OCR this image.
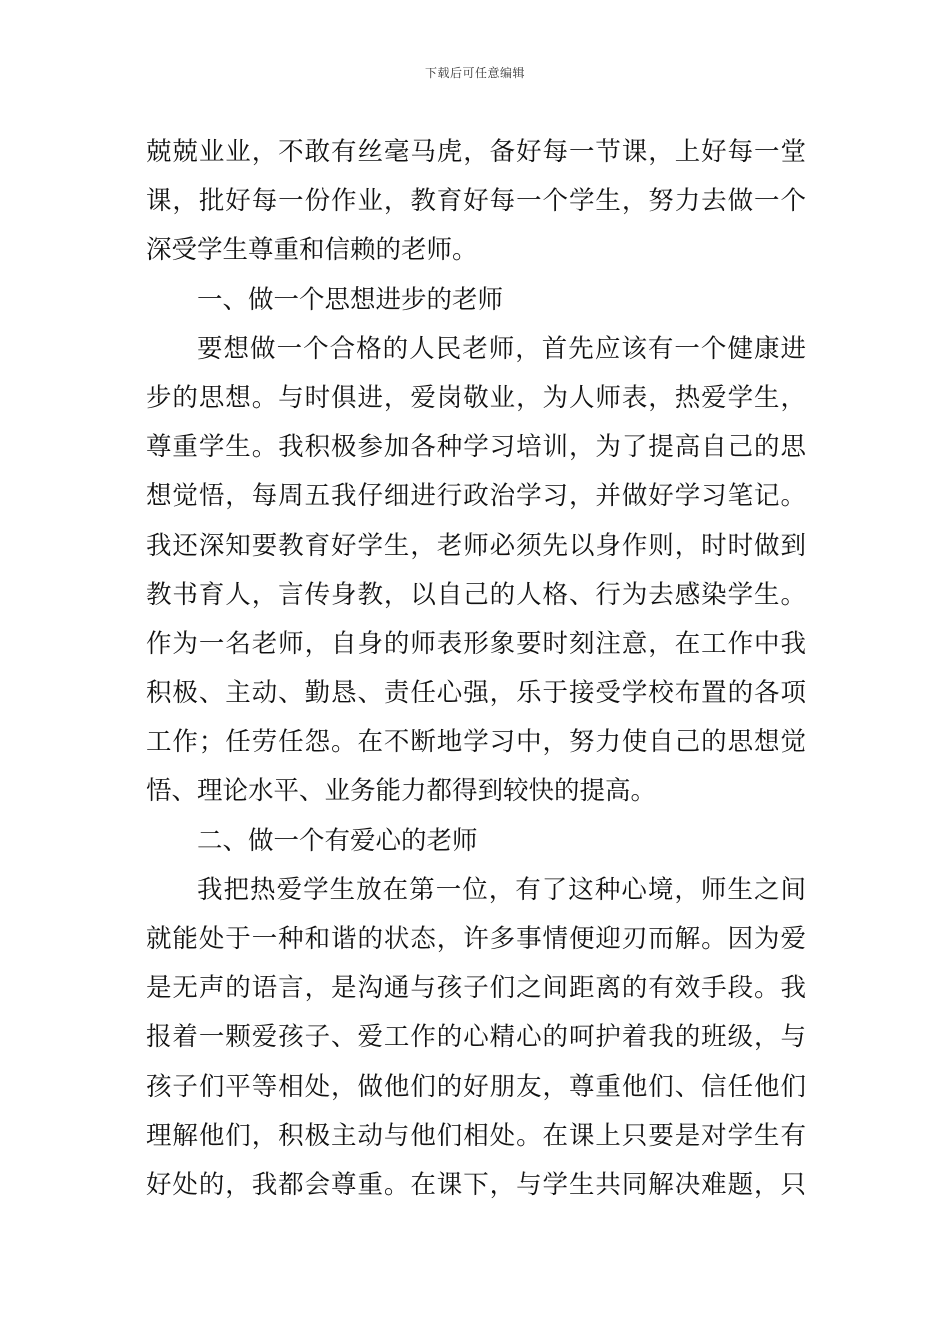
下载后可任意编辑
兢兢业业，不敢有丝毫马虎，备好每一节课，上好每一堂
课，批好每一份作业，教育好每一个学生，努力去做一个
深受学生尊重和信赖的老师。
一、做一个思想进步的老师
要想做一个合格的人民老师，首先应该有一个健康进
步的思想。与时俱进，爱岗敬业，为人师表，热爱学生，
尊重学生。我积极参加各种学习培训，为了提高自己的思
想觉悟，每周五我仔细进行政治学习，并做好学习笔记。
我还深知要教育好学生，老师必须先以身作则，时时做到
教书育人，言传身教，以自己的人格、行为去感染学生。
作为一名老师，自身的师表形象要时刻注意，在工作中我
积极、主动、勤恳、责任心强，乐于接受学校布置的各项
工作；任劳任怨。在不断地学习中，努力使自己的思想觉
悟、理论水平、业务能力都得到较快的提高。
二、做一个有爱心的老师
我把热爱学生放在第一位，有了这种心境，师生之间
就能处于一种和谐的状态，许多事情便迎刃而解。因为爱
是无声的语言，是沟通与孩子们之间距离的有效手段。我
报着一颗爱孩子、爱工作的心精心的呵护着我的班级，与
孩子们平等相处，做他们的好朋友，尊重他们、信任他们
理解他们，积极主动与他们相处。在课上只要是对学生有
好处的，我都会尊重。在课下，与学生共同解决难题，只
